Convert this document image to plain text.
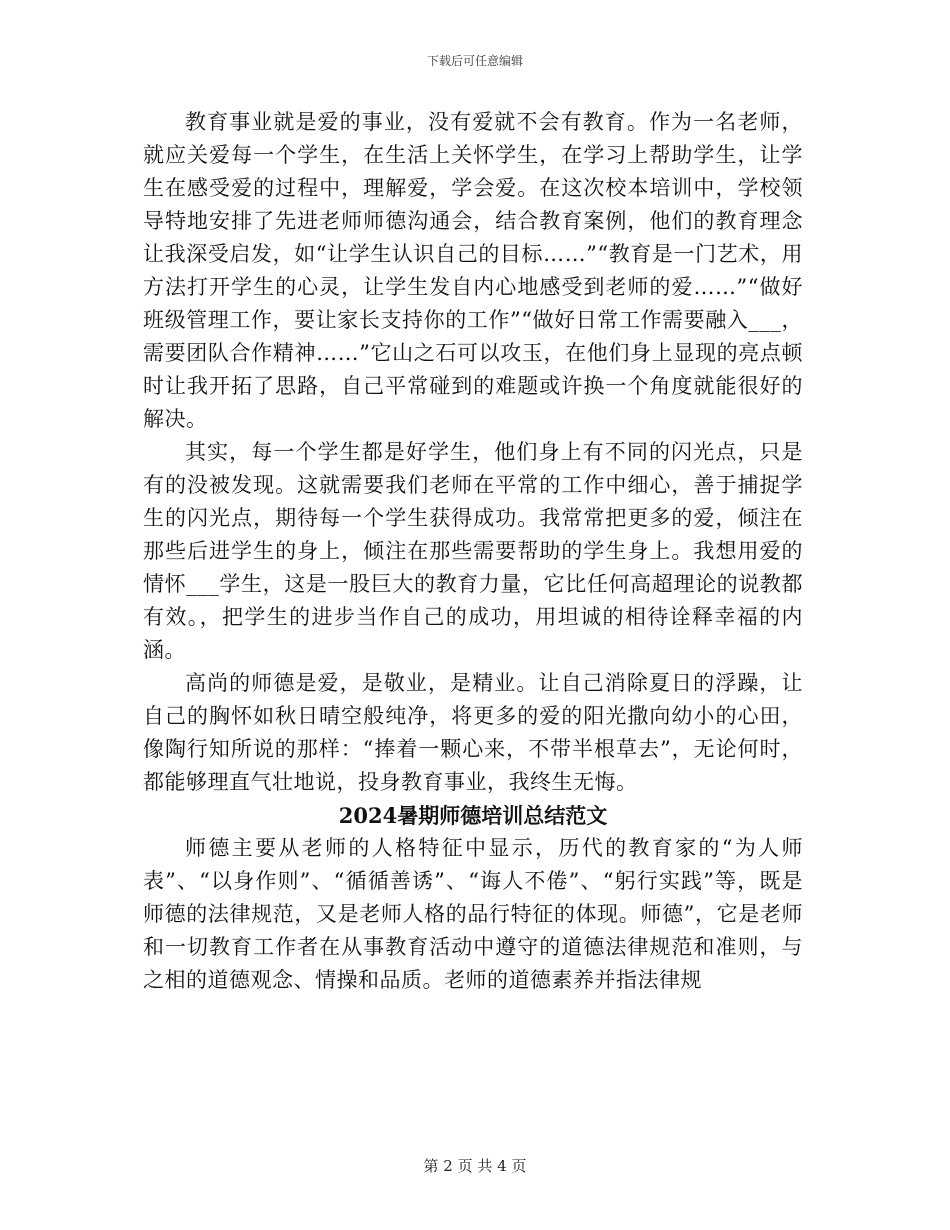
下载后可任意编辑

教育事业就是爱的事业，没有爱就不会有教育。作为一名老师，就应关爱每一个学生，在生活上关怀学生，在学习上帮助学生，让学生在感受爱的过程中，理解爱，学会爱。在这次校本培训中，学校领导特地安排了先进老师师德沟通会，结合教育案例，他们的教育理念让我深受启发，如“让学生认识自己的目标……”“教育是一门艺术，用方法打开学生的心灵，让学生发自内心地感受到老师的爱……”“做好班级管理工作，要让家长支持你的工作”“做好日常工作需要融入___，需要团队合作精神……”它山之石可以攻玉，在他们身上显现的亮点顿时让我开拓了思路，自己平常碰到的难题或许换一个角度就能很好的解决。

其实，每一个学生都是好学生，他们身上有不同的闪光点，只是有的没被发现。这就需要我们老师在平常的工作中细心，善于捕捉学生的闪光点，期待每一个学生获得成功。我常常把更多的爱，倾注在那些后进学生的身上，倾注在那些需要帮助的学生身上。我想用爱的情怀___学生，这是一股巨大的教育力量，它比任何高超理论的说教都有效。，把学生的进步当作自己的成功，用坦诚的相待诠释幸福的内涵。

高尚的师德是爱，是敬业，是精业。让自己消除夏日的浮躁，让自己的胸怀如秋日晴空般纯净，将更多的爱的阳光撒向幼小的心田，像陶行知所说的那样：“捧着一颗心来，不带半根草去”，无论何时，都能够理直气壮地说，投身教育事业，我终生无悔。

2024暑期师德培训总结范文

师德主要从老师的人格特征中显示，历代的教育家的“为人师表”、“以身作则”、“循循善诱”、“诲人不倦”、“躬行实践”等，既是师德的法律规范，又是老师人格的品行特征的体现。师德”，它是老师和一切教育工作者在从事教育活动中遵守的道德法律规范和准则，与之相的道德观念、情操和品质。老师的道德素养并指法律规

第 2 页 共 4 页
